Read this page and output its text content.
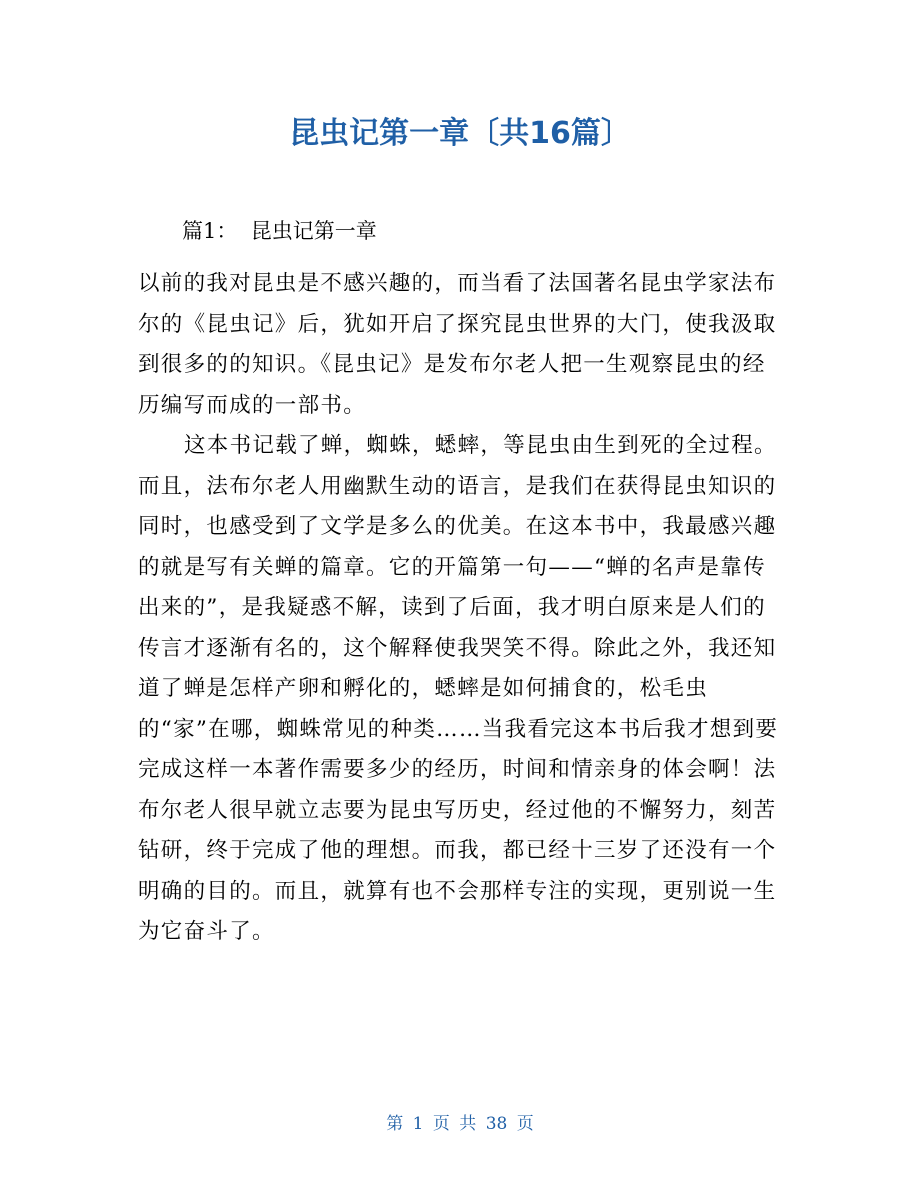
昆虫记第一章〔共16篇〕

篇1：  昆虫记第一章

以前的我对昆虫是不感兴趣的，而当看了法国著名昆虫学家法布尔的《昆虫记》后，犹如开启了探究昆虫世界的大门，使我汲取到很多的的知识。《昆虫记》是发布尔老人把一生观察昆虫的经历编写而成的一部书。

这本书记载了蝉，蜘蛛，蟋蟀，等昆虫由生到死的全过程。而且，法布尔老人用幽默生动的语言，是我们在获得昆虫知识的同时，也感受到了文学是多么的优美。在这本书中，我最感兴趣的就是写有关蝉的篇章。它的开篇第一句——“蝉的名声是靠传出来的”，是我疑惑不解，读到了后面，我才明白原来是人们的传言才逐渐有名的，这个解释使我哭笑不得。除此之外，我还知道了蝉是怎样产卵和孵化的，蟋蟀是如何捕食的，松毛虫的“家”在哪，蜘蛛常见的种类……当我看完这本书后我才想到要完成这样一本著作需要多少的经历，时间和情亲身的体会啊！法布尔老人很早就立志要为昆虫写历史，经过他的不懈努力，刻苦钻研，终于完成了他的理想。而我，都已经十三岁了还没有一个明确的目的。而且，就算有也不会那样专注的实现，更别说一生为它奋斗了。

第 1 页 共 38 页
